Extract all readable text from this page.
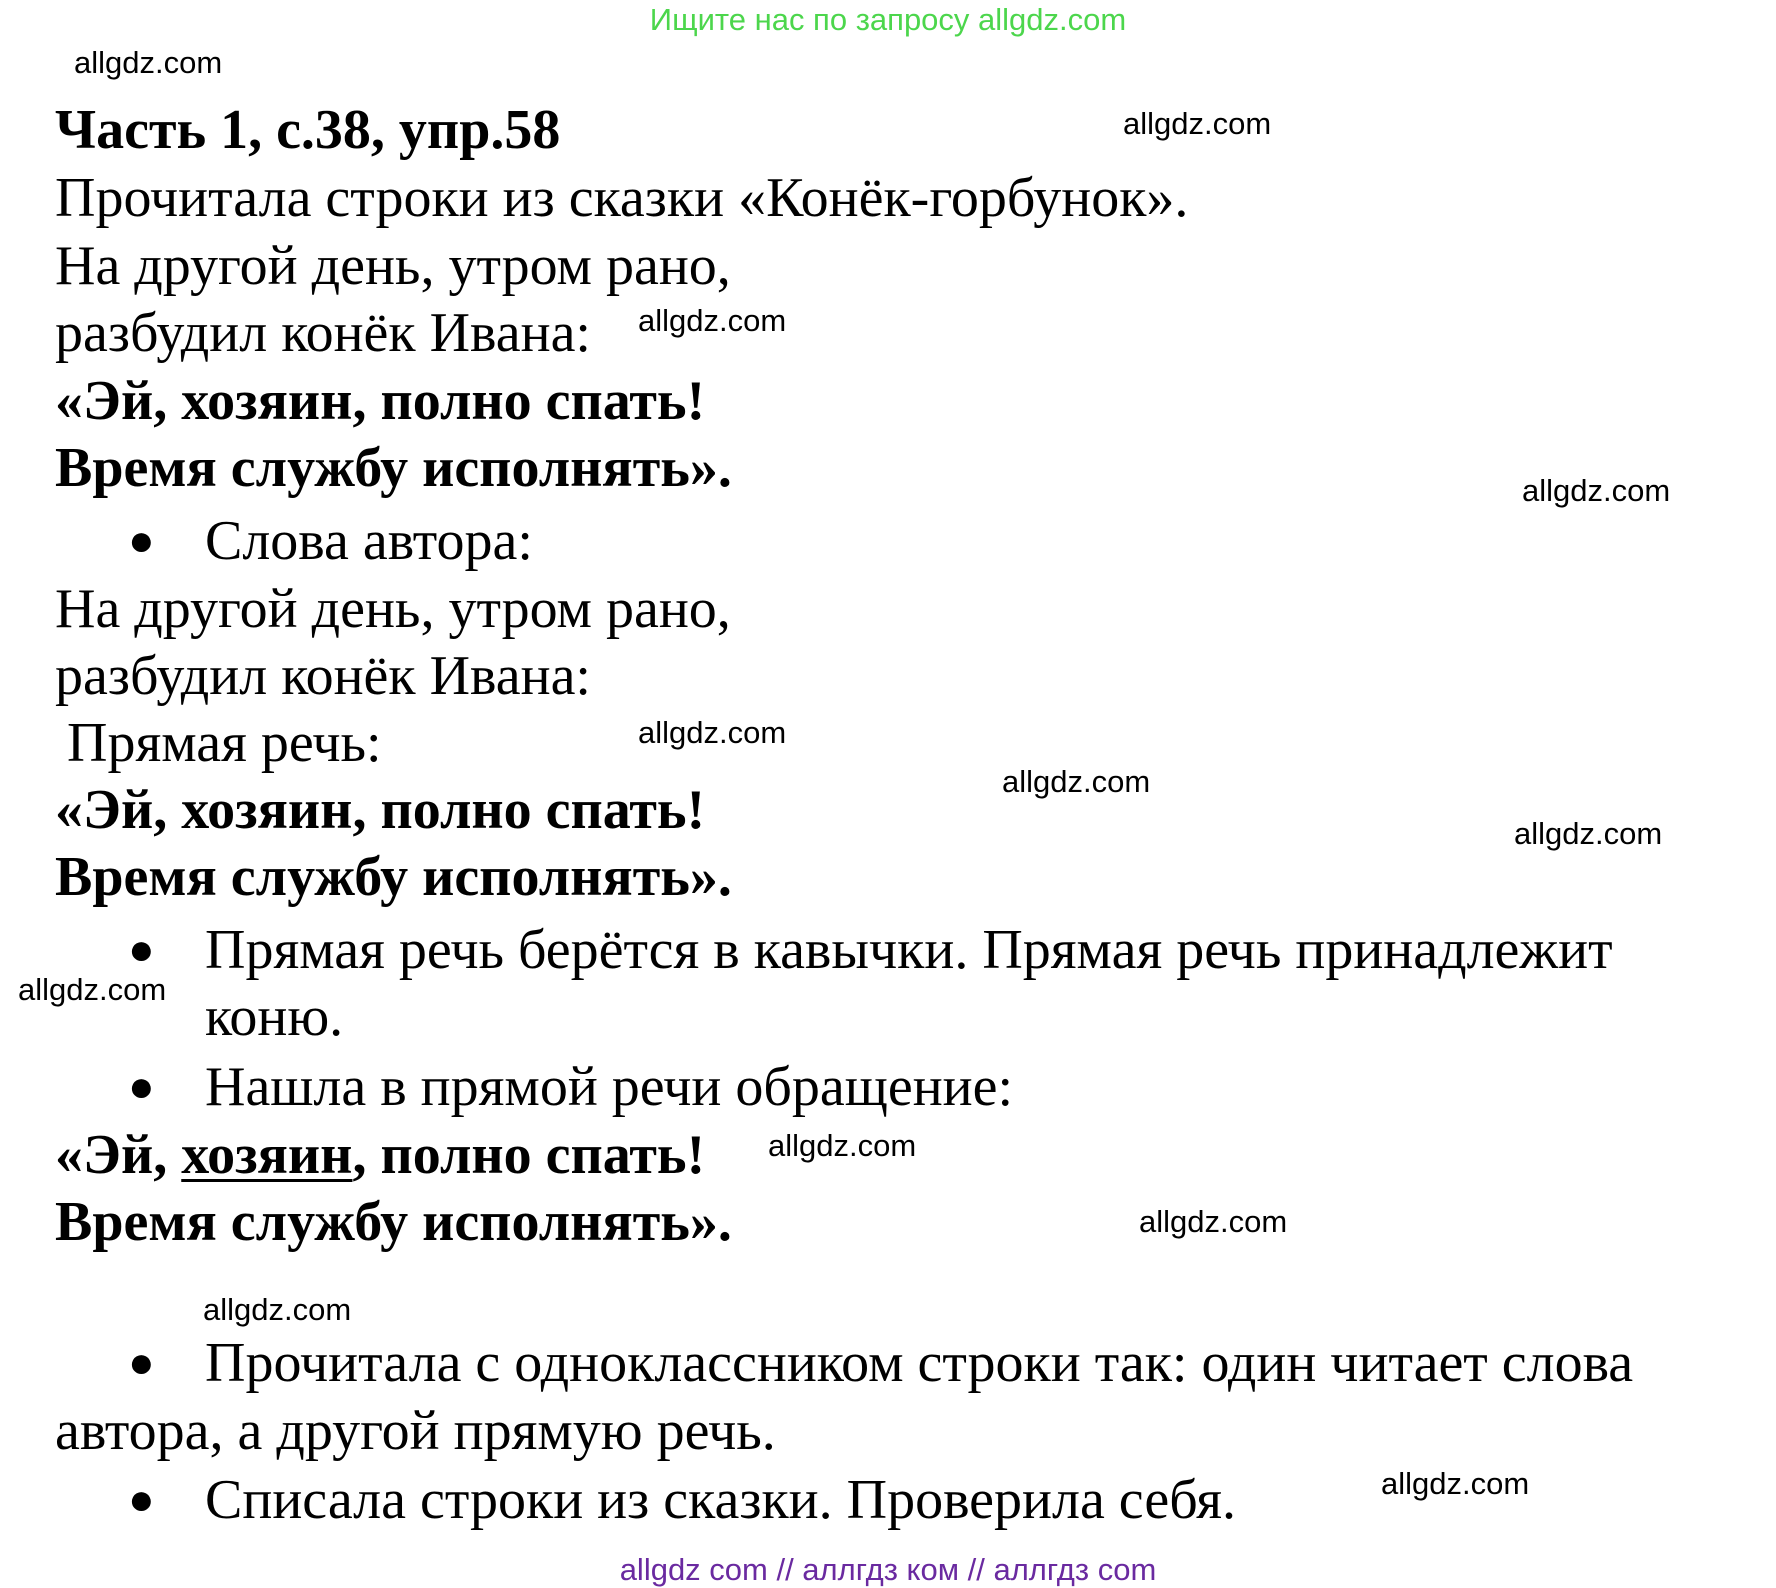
Ищите нас по запросу allgdz.com
allgdz.com
allgdz.com
allgdz.com
allgdz.com
allgdz.com
allgdz.com
allgdz.com
allgdz.com
allgdz.com
allgdz.com
allgdz.com
allgdz.com
Часть 1, с.38, упр.58
Прочитала строки из сказки «Конёк-горбунок».
На другой день, утром рано,
разбудил конёк Ивана:
«Эй, хозяин, полно спать!
Время службу исполнять».
● Слова автора:
На другой день, утром рано,
разбудил конёк Ивана:
Прямая речь:
«Эй, хозяин, полно спать!
Время службу исполнять».
● Прямая речь берётся в кавычки. Прямая речь принадлежит
коню.
● Нашла в прямой речи обращение:
«Эй, хозяин, полно спать!
Время службу исполнять».
● Прочитала с одноклассником строки так: один читает слова
автора, а другой прямую речь.
● Списала строки из сказки. Проверила себя.
allgdz com // аллгдз ком // аллгдз com
